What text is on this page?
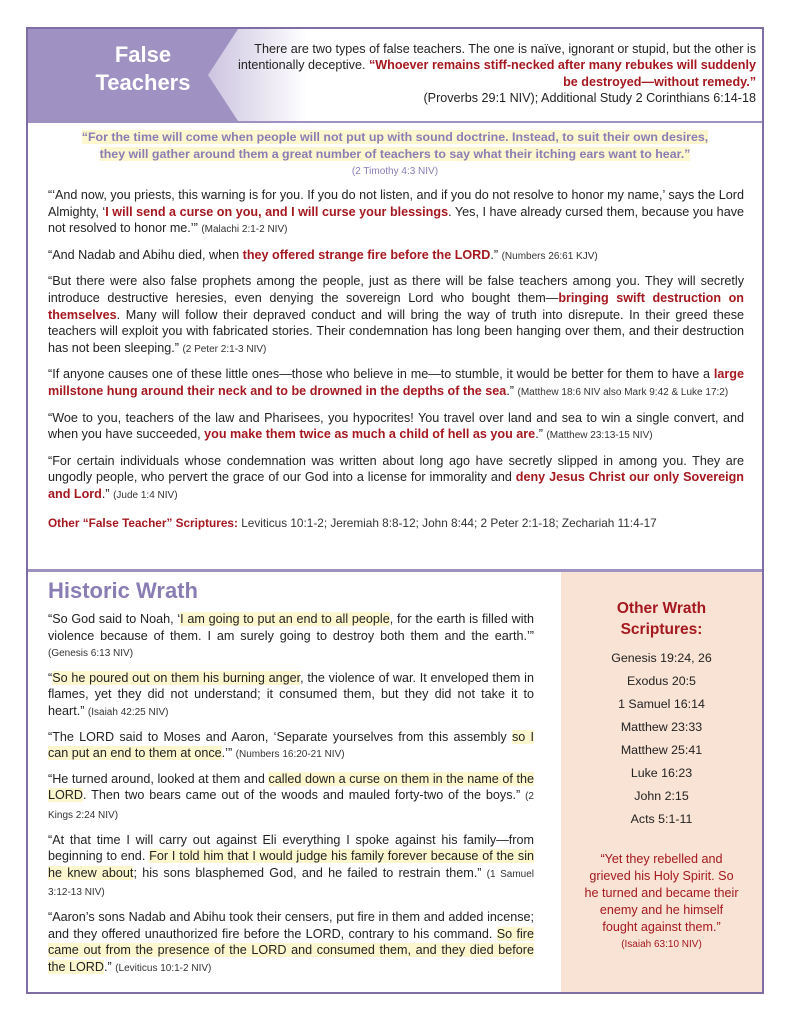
False
Teachers
There are two types of false teachers. The one is naïve, ignorant or stupid, but the other is intentionally deceptive. “Whoever remains stiff-necked after many rebukes will suddenly be destroyed—without remedy.”
(Proverbs 29:1 NIV); Additional Study 2 Corinthians 6:14-18
“For the time will come when people will not put up with sound doctrine. Instead, to suit their own desires,
they will gather around them a great number of teachers to say what their itching ears want to hear.”
(2 Timothy 4:3 NIV)

“‘And now, you priests, this warning is for you. If you do not listen, and if you do not resolve to honor my name,’ says the Lord Almighty, ‘I will send a curse on you, and I will curse your blessings. Yes, I have already cursed them, because you have not resolved to honor me.’” (Malachi 2:1-2 NIV)

“And Nadab and Abihu died, when they offered strange fire before the LORD.” (Numbers 26:61 KJV)

“But there were also false prophets among the people, just as there will be false teachers among you. They will secretly introduce destructive heresies, even denying the sovereign Lord who bought them—bringing swift destruction on themselves. Many will follow their depraved conduct and will bring the way of truth into disrepute. In their greed these teachers will exploit you with fabricated stories. Their condemnation has long been hanging over them, and their destruction has not been sleeping.” (2 Peter 2:1-3 NIV)

“If anyone causes one of these little ones—those who believe in me—to stumble, it would be better for them to have a large millstone hung around their neck and to be drowned in the depths of the sea.” (Matthew 18:6 NIV also Mark 9:42 & Luke 17:2)

“Woe to you, teachers of the law and Pharisees, you hypocrites! You travel over land and sea to win a single convert, and when you have succeeded, you make them twice as much a child of hell as you are.” (Matthew 23:13-15 NIV)

“For certain individuals whose condemnation was written about long ago have secretly slipped in among you. They are ungodly people, who pervert the grace of our God into a license for immorality and deny Jesus Christ our only Sovereign and Lord.” (Jude 1:4 NIV)

Other “False Teacher” Scriptures: Leviticus 10:1-2; Jeremiah 8:8-12; John 8:44; 2 Peter 2:1-18; Zechariah 11:4-17
Historic Wrath

“So God said to Noah, ‘I am going to put an end to all people, for the earth is filled with violence because of them. I am surely going to destroy both them and the earth.’” (Genesis 6:13 NIV)

“So he poured out on them his burning anger, the violence of war. It enveloped them in flames, yet they did not understand; it consumed them, but they did not take it to heart.” (Isaiah 42:25 NIV)

“The LORD said to Moses and Aaron, ‘Separate yourselves from this assembly so I can put an end to them at once.’” (Numbers 16:20-21 NIV)

“He turned around, looked at them and called down a curse on them in the name of the LORD. Then two bears came out of the woods and mauled forty-two of the boys.” (2 Kings 2:24 NIV)

“At that time I will carry out against Eli everything I spoke against his family—from beginning to end. For I told him that I would judge his family forever because of the sin he knew about; his sons blasphemed God, and he failed to restrain them.” (1 Samuel 3:12-13 NIV)

“Aaron’s sons Nadab and Abihu took their censers, put fire in them and added incense; and they offered unauthorized fire before the LORD, contrary to his command. So fire came out from the presence of the LORD and consumed them, and they died before the LORD.” (Leviticus 10:1-2 NIV)

Other Wrath
Scriptures:
Genesis 19:24, 26
Exodus 20:5
1 Samuel 16:14
Matthew 23:33
Matthew 25:41
Luke 16:23
John 2:15
Acts 5:1-11
“Yet they rebelled and grieved his Holy Spirit. So he turned and became their enemy and he himself fought against them.”
(Isaiah 63:10 NIV)
